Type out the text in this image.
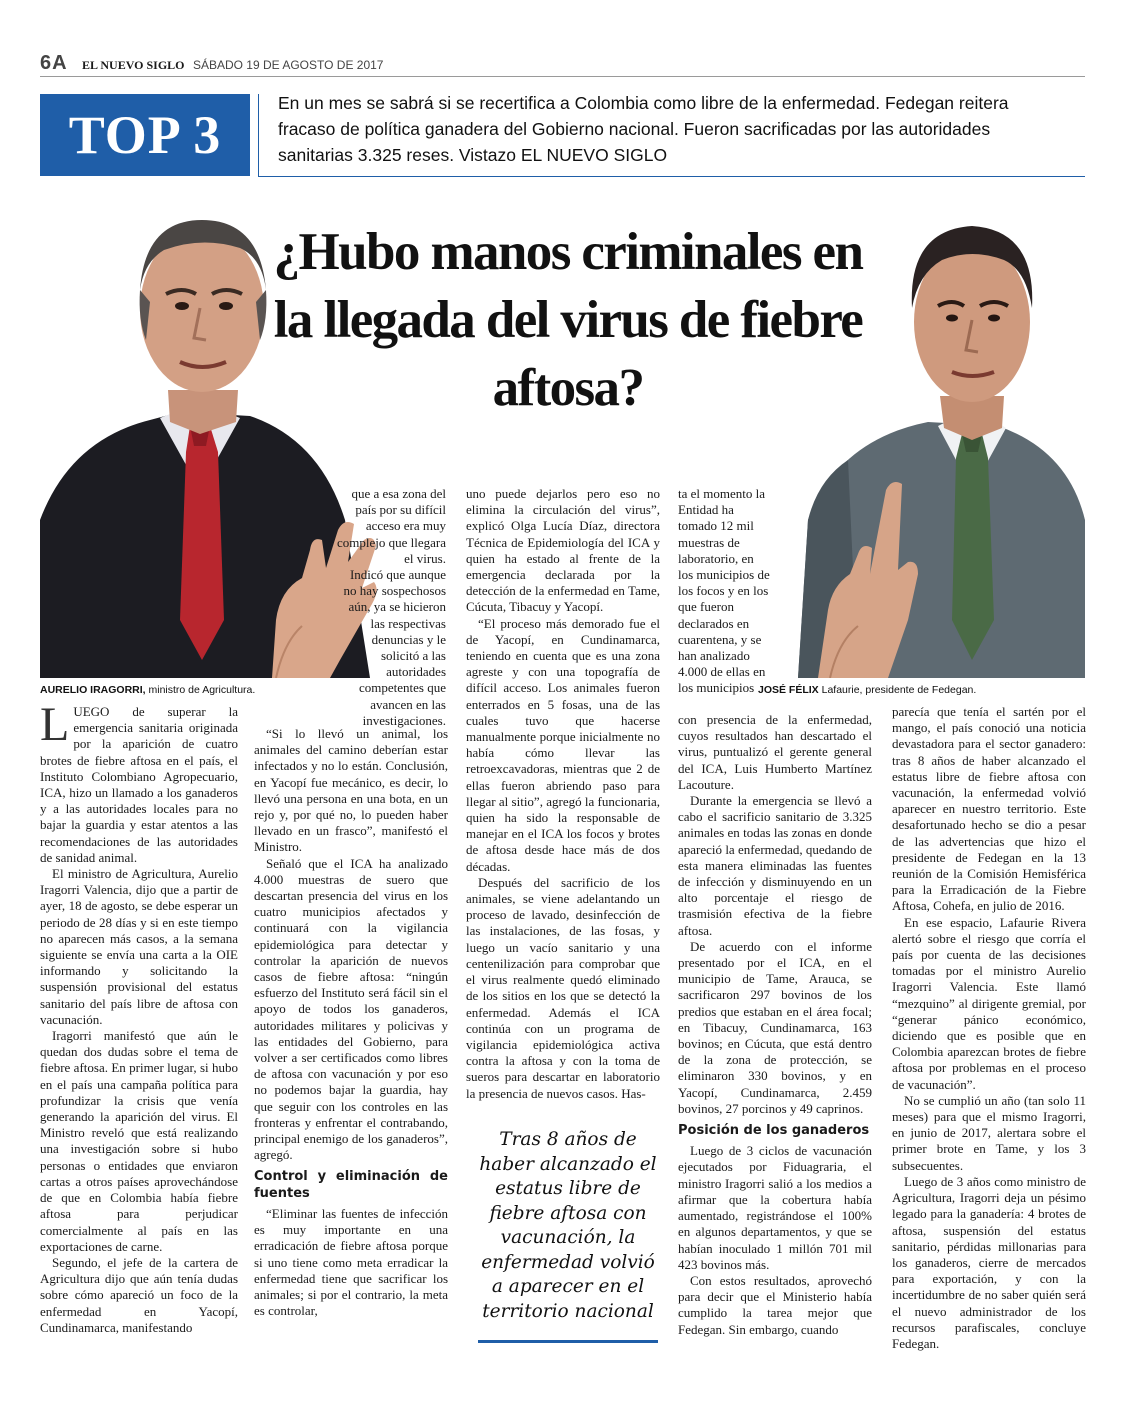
6A EL NUEVO SIGLO SÁBADO 19 DE AGOSTO DE 2017
TOP 3
En un mes se sabrá si se recertifica a Colombia como libre de la enfermedad. Fedegan reitera fracaso de política ganadera del Gobierno nacional. Fueron sacrificadas por las autoridades sanitarias 3.325 reses. Vistazo EL NUEVO SIGLO
¿Hubo manos criminales en la llegada del virus de fiebre aftosa?
AURELIO IRAGORRI, ministro de Agricultura.	JOSÉ FÉLIX Lafaurie, presidente de Fedegan.

que a esa zona del país por su difícil acceso era muy complejo que llegara el virus.

Indicó que aunque no hay sospechosos aún, ya se hicieron las respectivas denuncias y le solicitó a las autoridades competentes que avancen en las investigaciones.

LUEGO de superar la emergencia sanitaria originada por la aparición de cuatro brotes de fiebre aftosa en el país, el Instituto Colombiano Agropecuario, ICA, hizo un llamado a los ganaderos y a las autoridades locales para no bajar la guardia y estar atentos a las recomendaciones de las autoridades de sanidad animal.

El ministro de Agricultura, Aurelio Iragorri Valencia, dijo que a partir de ayer, 18 de agosto, se debe esperar un periodo de 28 días y si en este tiempo no aparecen más casos, a la semana siguiente se envía una carta a la OIE informando y solicitando la suspensión provisional del estatus sanitario del país libre de aftosa con vacunación.

Iragorri manifestó que aún le quedan dos dudas sobre el tema de fiebre aftosa. En primer lugar, si hubo en el país una campaña política para profundizar la crisis que venía generando la aparición del virus. El Ministro reveló que está realizando una investigación sobre si hubo personas o entidades que enviaron cartas a otros países aprovechándose de que en Colombia había fiebre aftosa para perjudicar comercialmente al país en las exportaciones de carne.

Segundo, el jefe de la cartera de Agricultura dijo que aún tenía dudas sobre cómo apareció un foco de la enfermedad en Yacopí, Cundinamarca, manifestando

“Si lo llevó un animal, los animales del camino deberían estar infectados y no lo están. Conclusión, en Yacopí fue mecánico, es decir, lo llevó una persona en una bota, en un rejo y, por qué no, lo pueden haber llevado en un frasco”, manifestó el Ministro.

Señaló que el ICA ha analizado 4.000 muestras de suero que descartan presencia del virus en los cuatro municipios afectados y continuará con la vigilancia epidemiológica para detectar y controlar la aparición de nuevos casos de fiebre aftosa: “ningún esfuerzo del Instituto será fácil sin el apoyo de todos los ganaderos, autoridades militares y policivas y las entidades del Gobierno, para volver a ser certificados como libres de aftosa con vacunación y por eso no podemos bajar la guardia, hay que seguir con los controles en las fronteras y enfrentar el contrabando, principal enemigo de los ganaderos”, agregó.

Control y eliminación de fuentes

“Eliminar las fuentes de infección es muy importante en una erradicación de fiebre aftosa porque si uno tiene como meta erradicar la enfermedad tiene que sacrificar los animales; si por el contrario, la meta es controlar,

uno puede dejarlos pero eso no elimina la circulación del virus”, explicó Olga Lucía Díaz, directora Técnica de Epidemiología del ICA y quien ha estado al frente de la emergencia declarada por la detección de la enfermedad en Tame, Cúcuta, Tibacuy y Yacopí.

“El proceso más demorado fue el de Yacopí, en Cundinamarca, teniendo en cuenta que es una zona agreste y con una topografía de difícil acceso. Los animales fueron enterrados en 5 fosas, una de las cuales tuvo que hacerse manualmente porque inicialmente no había cómo llevar las retroexcavadoras, mientras que 2 de ellas fueron abriendo paso para llegar al sitio”, agregó la funcionaria, quien ha sido la responsable de manejar en el ICA los focos y brotes de aftosa desde hace más de dos décadas.

Después del sacrificio de los animales, se viene adelantando un proceso de lavado, desinfección de las instalaciones, de las fosas, y luego un vacío sanitario y una centenilización para comprobar que el virus realmente quedó eliminado de los sitios en los que se detectó la enfermedad. Además el ICA continúa con un programa de vigilancia epidemiológica activa contra la aftosa y con la toma de sueros para descartar en laboratorio la presencia de nuevos casos. Has-

ta el momento la Entidad ha tomado 12 mil muestras de laboratorio, en los municipios de los focos y en los que fueron declarados en cuarentena, y se han analizado 4.000 de ellas en los municipios

con presencia de la enfermedad, cuyos resultados han descartado el virus, puntualizó el gerente general del ICA, Luis Humberto Martínez Lacouture.

Durante la emergencia se llevó a cabo el sacrificio sanitario de 3.325 animales en todas las zonas en donde apareció la enfermedad, quedando de esta manera eliminadas las fuentes de infección y disminuyendo en un alto porcentaje el riesgo de trasmisión efectiva de la fiebre aftosa.

De acuerdo con el informe presentado por el ICA, en el municipio de Tame, Arauca, se sacrificaron 297 bovinos de los predios que estaban en el área focal; en Tibacuy, Cundinamarca, 163 bovinos; en Cúcuta, que está dentro de la zona de protección, se eliminaron 330 bovinos, y en Yacopí, Cundinamarca, 2.459 bovinos, 27 porcinos y 49 caprinos.

Posición de los ganaderos

Luego de 3 ciclos de vacunación ejecutados por Fiduagraria, el ministro Iragorri salió a los medios a afirmar que la cobertura había aumentado, registrándose el 100% en algunos departamentos, y que se habían inoculado 1 millón 701 mil 423 bovinos más.

Con estos resultados, aprovechó para decir que el Ministerio había cumplido la tarea mejor que Fedegan. Sin embargo, cuando

parecía que tenía el sartén por el mango, el país conoció una noticia devastadora para el sector ganadero: tras 8 años de haber alcanzado el estatus libre de fiebre aftosa con vacunación, la enfermedad volvió aparecer en nuestro territorio. Este desafortunado hecho se dio a pesar de las advertencias que hizo el presidente de Fedegan en la 13 reunión de la Comisión Hemisférica para la Erradicación de la Fiebre Aftosa, Cohefa, en julio de 2016.

En ese espacio, Lafaurie Rivera alertó sobre el riesgo que corría el país por cuenta de las decisiones tomadas por el ministro Aurelio Iragorri Valencia. Este llamó “mezquino” al dirigente gremial, por “generar pánico económico, diciendo que es posible que en Colombia aparezcan brotes de fiebre aftosa por problemas en el proceso de vacunación”.

No se cumplió un año (tan solo 11 meses) para que el mismo Iragorri, en junio de 2017, alertara sobre el primer brote en Tame, y los 3 subsecuentes.

Luego de 3 años como ministro de Agricultura, Iragorri deja un pésimo legado para la ganadería: 4 brotes de aftosa, suspensión del estatus sanitario, pérdidas millonarias para los ganaderos, cierre de mercados para exportación, y con la incertidumbre de no saber quién será el nuevo administrador de los recursos parafiscales, concluye Fedegan.

Tras 8 años de haber alcanzado el estatus libre de fiebre aftosa con vacunación, la enfermedad volvió a aparecer en el territorio nacional
